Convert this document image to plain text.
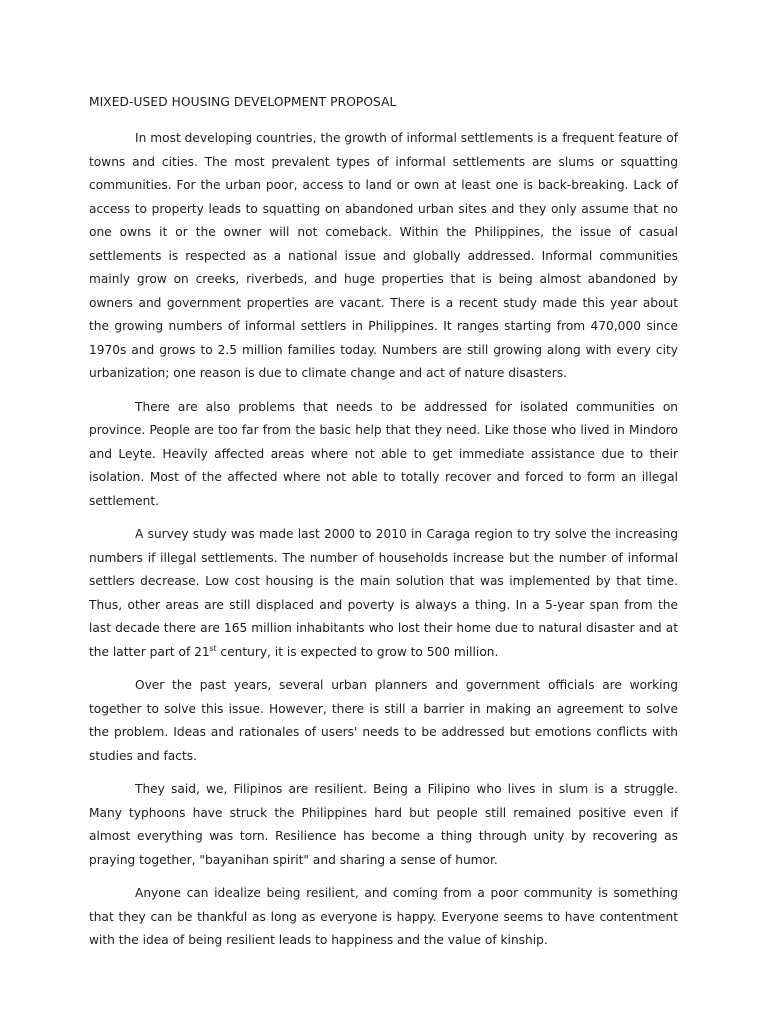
MIXED-USED HOUSING DEVELOPMENT PROPOSAL

In most developing countries, the growth of informal settlements is a frequent feature of towns and cities. The most prevalent types of informal settlements are slums or squatting communities. For the urban poor, access to land or own at least one is back-breaking. Lack of access to property leads to squatting on abandoned urban sites and they only assume that no one owns it or the owner will not comeback. Within the Philippines, the issue of casual settlements is respected as a national issue and globally addressed. Informal communities mainly grow on creeks, riverbeds, and huge properties that is being almost abandoned by owners and government properties are vacant. There is a recent study made this year about the growing numbers of informal settlers in Philippines. It ranges starting from 470,000 since 1970s and grows to 2.5 million families today. Numbers are still growing along with every city urbanization; one reason is due to climate change and act of nature disasters.

There are also problems that needs to be addressed for isolated communities on province. People are too far from the basic help that they need. Like those who lived in Mindoro and Leyte. Heavily affected areas where not able to get immediate assistance due to their isolation. Most of the affected where not able to totally recover and forced to form an illegal settlement.

A survey study was made last 2000 to 2010 in Caraga region to try solve the increasing numbers if illegal settlements. The number of households increase but the number of informal settlers decrease. Low cost housing is the main solution that was implemented by that time. Thus, other areas are still displaced and poverty is always a thing. In a 5-year span from the last decade there are 165 million inhabitants who lost their home due to natural disaster and at the latter part of 21st century, it is expected to grow to 500 million.

Over the past years, several urban planners and government officials are working together to solve this issue. However, there is still a barrier in making an agreement to solve the problem. Ideas and rationales of users' needs to be addressed but emotions conflicts with studies and facts.

They said, we, Filipinos are resilient. Being a Filipino who lives in slum is a struggle. Many typhoons have struck the Philippines hard but people still remained positive even if almost everything was torn. Resilience has become a thing through unity by recovering as praying together, "bayanihan spirit" and sharing a sense of humor.

Anyone can idealize being resilient, and coming from a poor community is something that they can be thankful as long as everyone is happy. Everyone seems to have contentment with the idea of being resilient leads to happiness and the value of kinship.
